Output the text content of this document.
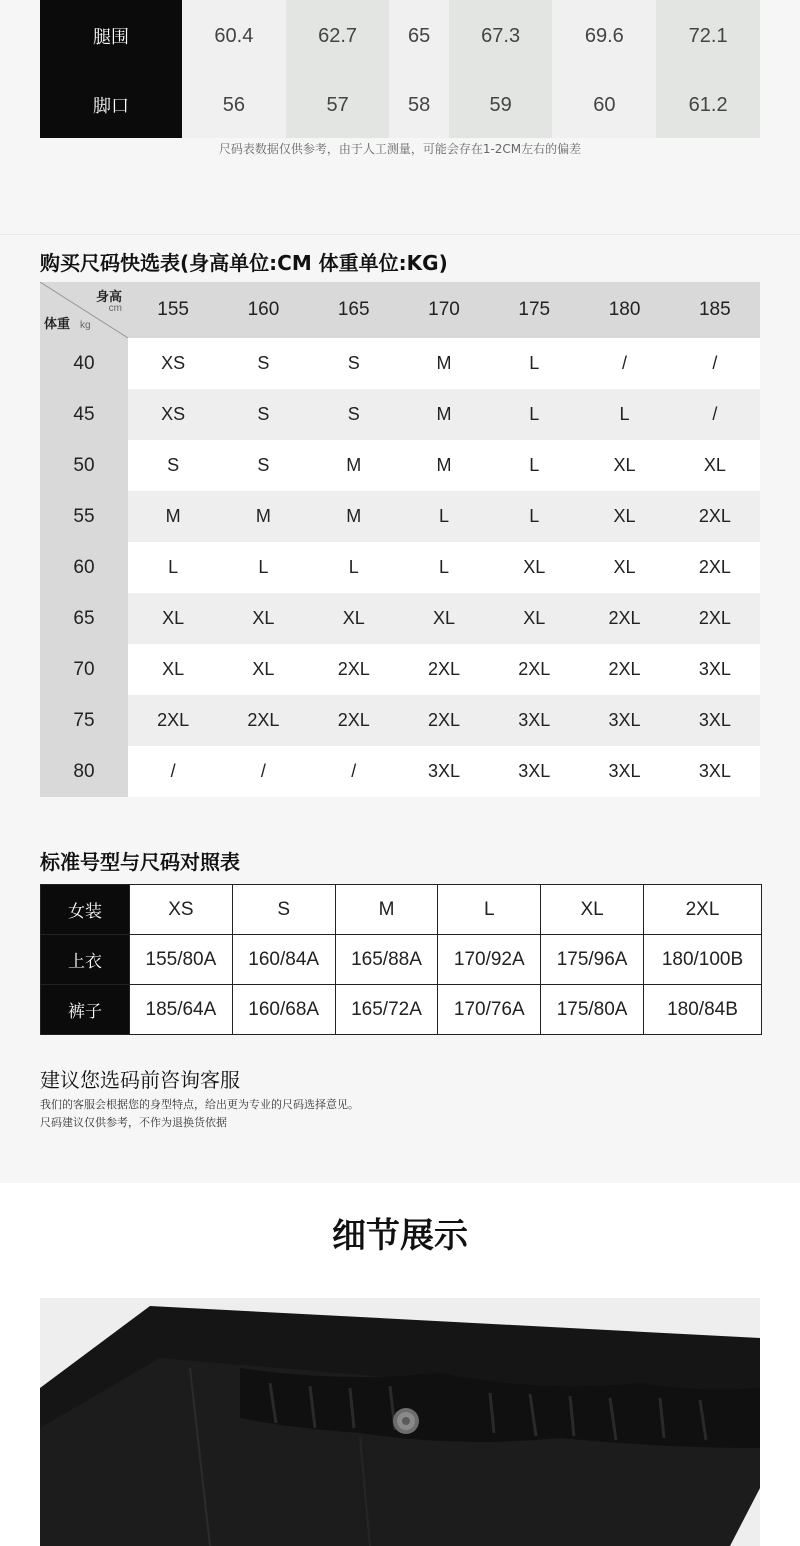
腿围	60.4	62.7	65	67.3	69.6	72.1
脚口	56	57	58	59	60	61.2
尺码表数据仅供参考，由于人工测量，可能会存在1-2CM左右的偏差
购买尺码快选表(身高单位:CM 体重单位:KG)
身高
cm
体重 kg	155	160	165	170	175	180	185
40	XS	S	S	M	L	/	/
45	XS	S	S	M	L	L	/
50	S	S	M	M	L	XL	XL
55	M	M	M	L	L	XL	2XL
60	L	L	L	L	XL	XL	2XL
65	XL	XL	XL	XL	XL	2XL	2XL
70	XL	XL	2XL	2XL	2XL	2XL	3XL
75	2XL	2XL	2XL	2XL	3XL	3XL	3XL
80	/	/	/	3XL	3XL	3XL	3XL
标准号型与尺码对照表
女装	XS	S	M	L	XL	2XL
上衣	155/80A	160/84A	165/88A	170/92A	175/96A	180/100B
裤子	185/64A	160/68A	165/72A	170/76A	175/80A	180/84B
建议您选码前咨询客服
我们的客服会根据您的身型特点，给出更为专业的尺码选择意见。
尺码建议仅供参考，不作为退换货依据
细节展示
